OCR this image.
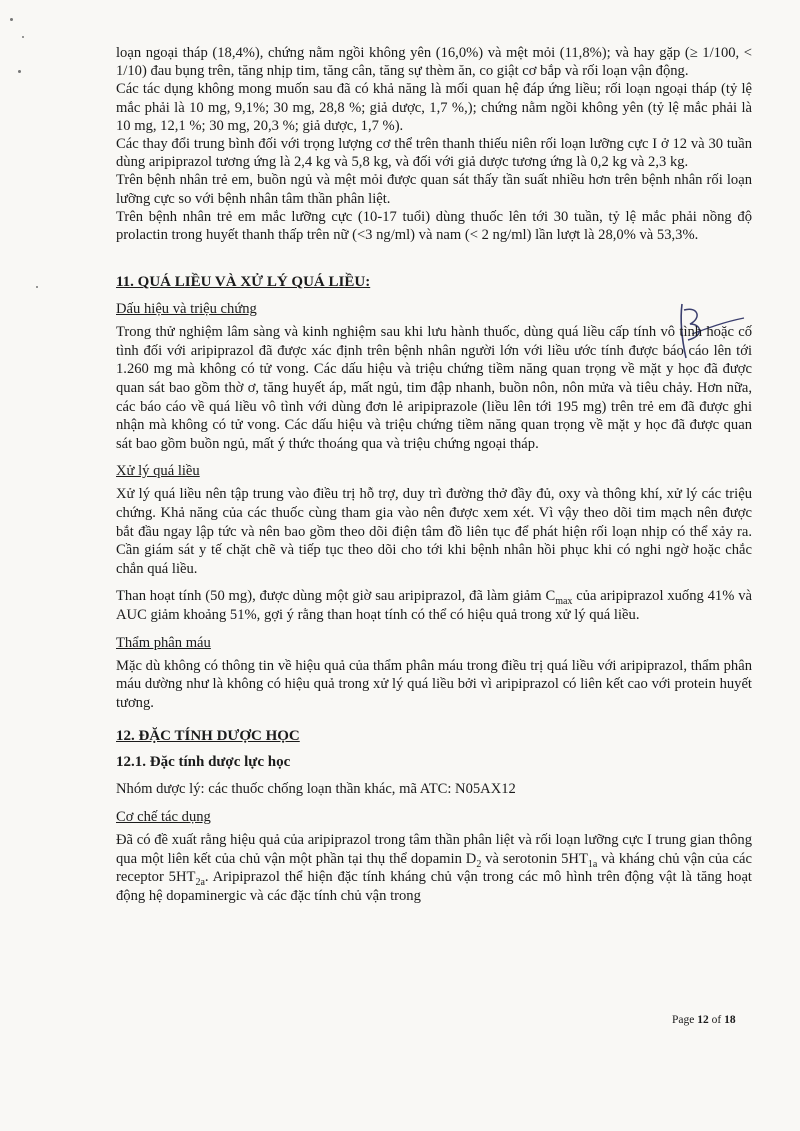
loạn ngoại tháp (18,4%), chứng nằm ngồi không yên (16,0%) và mệt mỏi (11,8%); và hay gặp (≥ 1/100, < 1/10) đau bụng trên, tăng nhịp tim, tăng cân, tăng sự thèm ăn, co giật cơ bắp và rối loạn vận động.

Các tác dụng không mong muốn sau đã có khả năng là mối quan hệ đáp ứng liều; rối loạn ngoại tháp (tỷ lệ mắc phải là 10 mg, 9,1%; 30 mg, 28,8 %; giả dược, 1,7 %,); chứng nằm ngồi không yên (tỷ lệ mắc phải là 10 mg, 12,1 %; 30 mg, 20,3 %; giả dược, 1,7 %).

Các thay đổi trung bình đối với trọng lượng cơ thể trên thanh thiếu niên rối loạn lưỡng cực I ở 12 và 30 tuần dùng aripiprazol tương ứng là 2,4 kg và 5,8 kg, và đối với giả dược tương ứng là 0,2 kg và 2,3 kg.

Trên bệnh nhân trẻ em, buồn ngủ và mệt mỏi được quan sát thấy tần suất nhiều hơn trên bệnh nhân rối loạn lưỡng cực so với bệnh nhân tâm thần phân liệt.

Trên bệnh nhân trẻ em mắc lưỡng cực (10-17 tuổi) dùng thuốc lên tới 30 tuần, tỷ lệ mắc phải nồng độ prolactin trong huyết thanh thấp trên nữ (<3 ng/ml) và nam (< 2 ng/ml) lần lượt là 28,0% và 53,3%.

11. QUÁ LIỀU VÀ XỬ LÝ QUÁ LIỀU:

Dấu hiệu và triệu chứng

Trong thử nghiệm lâm sàng và kinh nghiệm sau khi lưu hành thuốc, dùng quá liều cấp tính vô tình hoặc cố tình đối với aripiprazol đã được xác định trên bệnh nhân người lớn với liều ước tính được báo cáo lên tới 1.260 mg mà không có tử vong. Các dấu hiệu và triệu chứng tiềm năng quan trọng về mặt y học đã được quan sát bao gồm thờ ơ, tăng huyết áp, mất ngủ, tim đập nhanh, buồn nôn, nôn mửa và tiêu chảy. Hơn nữa, các báo cáo về quá liều vô tình với dùng đơn lẻ aripiprazole (liều lên tới 195 mg) trên trẻ em đã được ghi nhận mà không có tử vong. Các dấu hiệu và triệu chứng tiềm năng quan trọng về mặt y học đã được quan sát bao gồm buồn ngủ, mất ý thức thoáng qua và triệu chứng ngoại tháp.

Xử lý quá liều

Xử lý quá liều nên tập trung vào điều trị hỗ trợ, duy trì đường thở đầy đủ, oxy và thông khí, xử lý các triệu chứng. Khả năng của các thuốc cùng tham gia vào nên được xem xét. Vì vậy theo dõi tim mạch nên được bắt đầu ngay lập tức và nên bao gồm theo dõi điện tâm đồ liên tục để phát hiện rối loạn nhịp có thể xảy ra. Cần giám sát y tế chặt chẽ và tiếp tục theo dõi cho tới khi bệnh nhân hồi phục khi có nghi ngờ hoặc chắc chắn quá liều.

Than hoạt tính (50 mg), được dùng một giờ sau aripiprazol, đã làm giảm $C_{max}$ của aripiprazol xuống 41% và AUC giảm khoảng 51%, gợi ý rằng than hoạt tính có thể có hiệu quả trong xử lý quá liều.

Thẩm phân máu

Mặc dù không có thông tin về hiệu quả của thẩm phân máu trong điều trị quá liều với aripiprazol, thẩm phân máu dường như là không có hiệu quả trong xử lý quá liều bởi vì aripiprazol có liên kết cao với protein huyết tương.

12. ĐẶC TÍNH DƯỢC HỌC

12.1. Đặc tính dược lực học

Nhóm dược lý: các thuốc chống loạn thần khác, mã ATC: N05AX12

Cơ chế tác dụng

Đã có đề xuất rằng hiệu quả của aripiprazol trong tâm thần phân liệt và rối loạn lưỡng cực I trung gian thông qua một liên kết của chủ vận một phần tại thụ thể dopamin $D_2$ và serotonin $5HT_{1a}$ và kháng chủ vận của các receptor $5HT_{2a}$. Aripiprazol thể hiện đặc tính kháng chủ vận trong các mô hình trên động vật là tăng hoạt động hệ dopaminergic và các đặc tính chủ vận trong

Page 12 of 18
